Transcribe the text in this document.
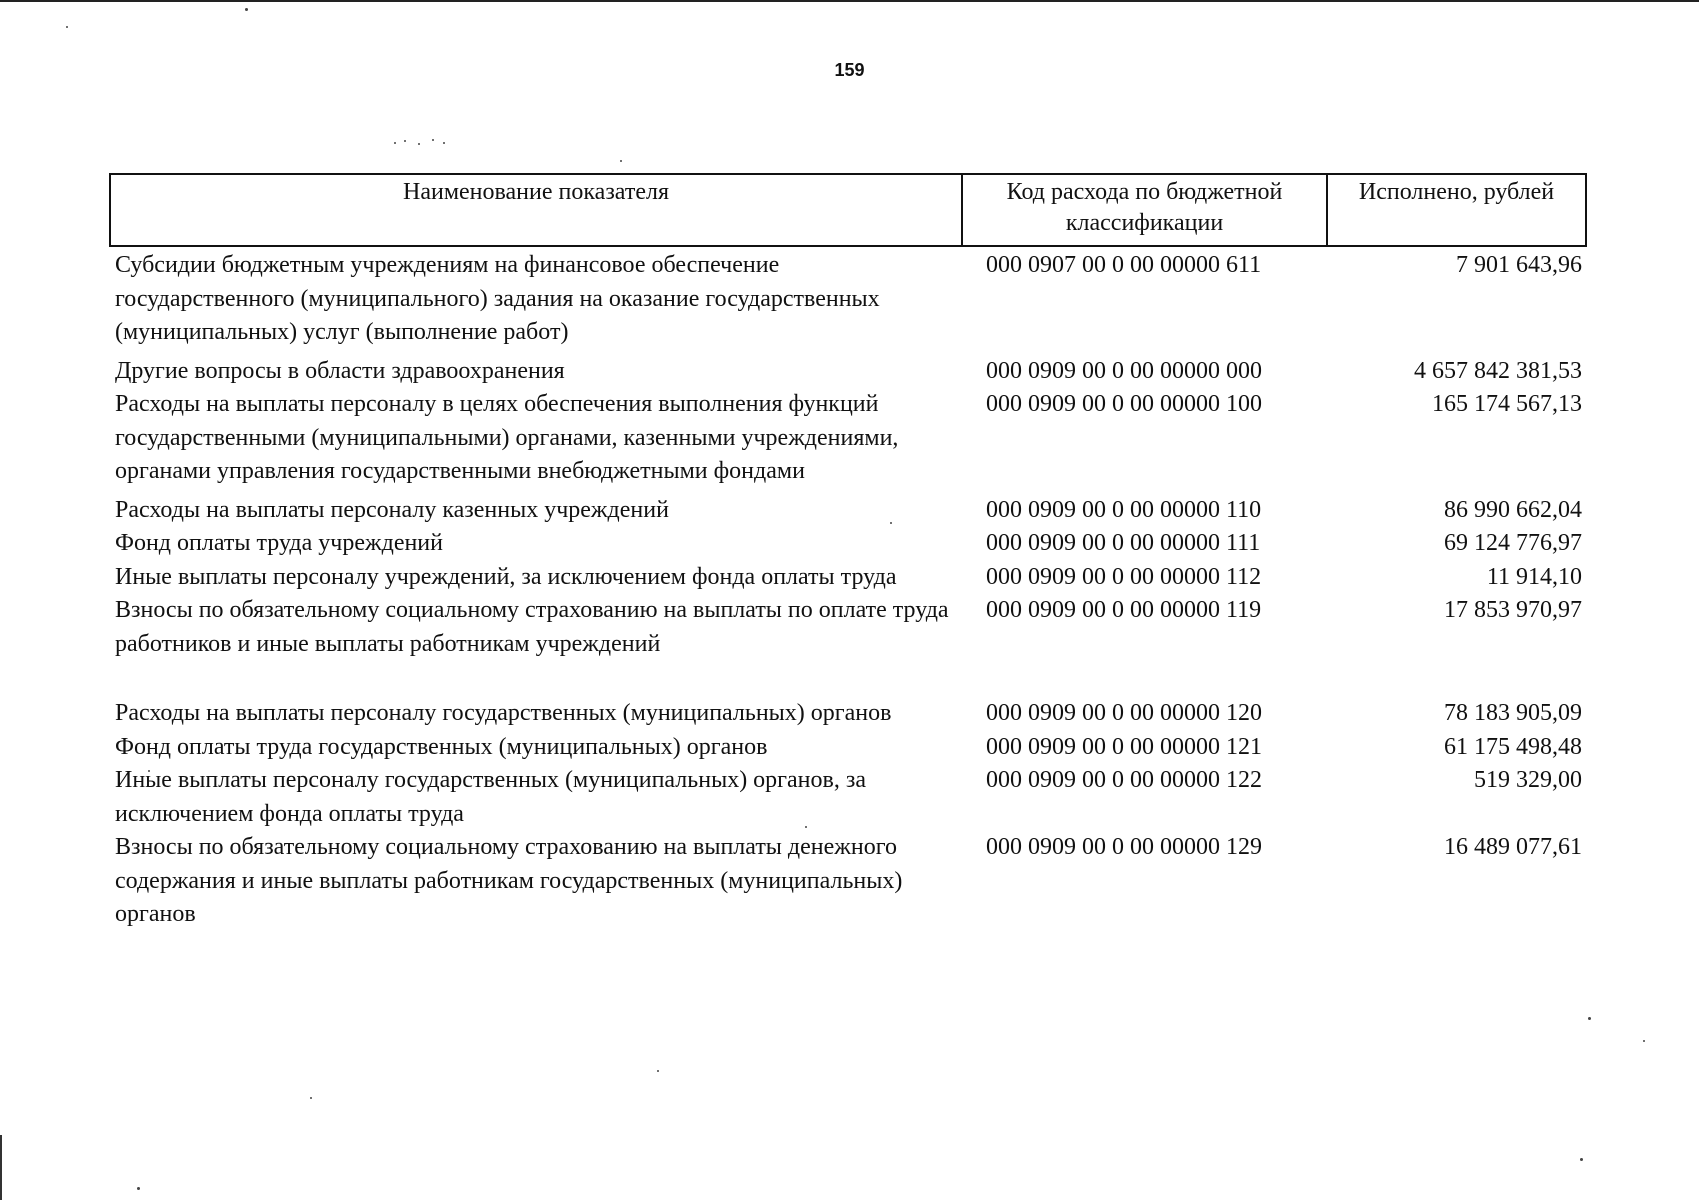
159
Наименование показателя	Код расхода по бюджетной классификации	Исполнено, рублей
Субсидии бюджетным учреждениям на финансовое обеспечение государственного (муниципального) задания на оказание государственных (муниципальных) услуг (выполнение работ)	000 0907 00 0 00 00000 611	7 901 643,96
Другие вопросы в области здравоохранения	000 0909 00 0 00 00000 000	4 657 842 381,53
Расходы на выплаты персоналу в целях обеспечения выполнения функций государственными (муниципальными) органами, казенными учреждениями, органами управления государственными внебюджетными фондами	000 0909 00 0 00 00000 100	165 174 567,13
Расходы на выплаты персоналу казенных учреждений	000 0909 00 0 00 00000 110	86 990 662,04
Фонд оплаты труда учреждений	000 0909 00 0 00 00000 111	69 124 776,97
Иные выплаты персоналу учреждений, за исключением фонда оплаты труда	000 0909 00 0 00 00000 112	11 914,10
Взносы по обязательному социальному страхованию на выплаты по оплате труда работников и иные выплаты работникам учреждений	000 0909 00 0 00 00000 119	17 853 970,97
Расходы на выплаты персоналу государственных (муниципальных) органов	000 0909 00 0 00 00000 120	78 183 905,09
Фонд оплаты труда государственных (муниципальных) органов	000 0909 00 0 00 00000 121	61 175 498,48
Иные выплаты персоналу государственных (муниципальных) органов, за исключением фонда оплаты труда	000 0909 00 0 00 00000 122	519 329,00
Взносы по обязательному социальному страхованию на выплаты денежного содержания и иные выплаты работникам государственных (муниципальных) органов	000 0909 00 0 00 00000 129	16 489 077,61
